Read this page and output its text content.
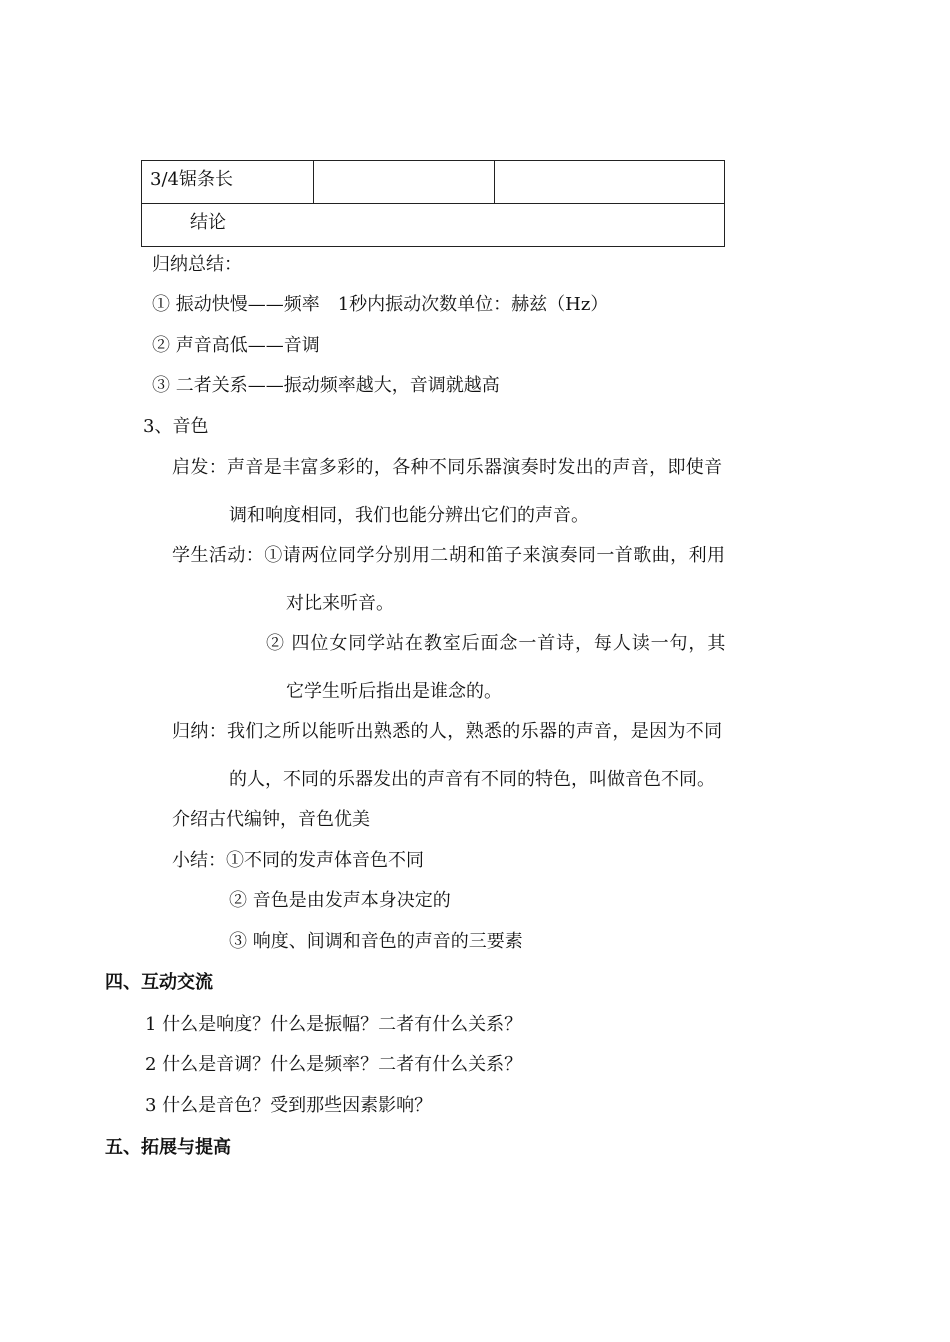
3/4锯条长

结论
归纳总结：
① 振动快慢——频率　1秒内振动次数单位：赫兹（Hz）
② 声音高低——音调
③ 二者关系——振动频率越大，音调就越高
3、音色
启发：声音是丰富多彩的，各种不同乐器演奏时发出的声音，即使音
调和响度相同，我们也能分辨出它们的声音。
学生活动：①请两位同学分别用二胡和笛子来演奏同一首歌曲，利用
对比来听音。
② 四位女同学站在教室后面念一首诗，每人读一句，其
它学生听后指出是谁念的。
归纳：我们之所以能听出熟悉的人，熟悉的乐器的声音，是因为不同
的人，不同的乐器发出的声音有不同的特色，叫做音色不同。
介绍古代编钟，音色优美
小结：①不同的发声体音色不同
② 音色是由发声本身决定的
③ 响度、间调和音色的声音的三要素
四、互动交流
1 什么是响度？什么是振幅？二者有什么关系？
2 什么是音调？什么是频率？二者有什么关系？
3 什么是音色？受到那些因素影响？
五、拓展与提高
